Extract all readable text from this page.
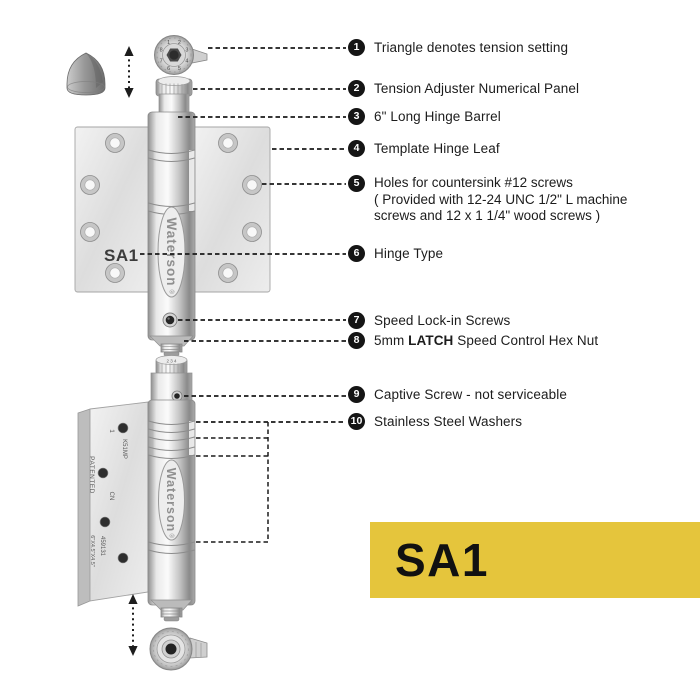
1 2
3
4
5
6
7
8
SA1 Waterson
®
PATENTED
1
K51MP
CN
459131
6"X4.5"X4.5"
2 3 4
Waterson
®
1	Triangle denotes tension setting
2	Tension Adjuster Numerical Panel
3	6" Long Hinge Barrel
4	Template Hinge Leaf
5	Holes for countersink #12 screws
( Provided with 12-24 UNC 1/2" L machine
screws and 12 x 1 1/4" wood screws )
6	Hinge Type
7	Speed Lock-in Screws
8	5mm LATCH Speed Control Hex Nut
9	Captive Screw - not serviceable
10 Stainless Steel Washers
SA1
